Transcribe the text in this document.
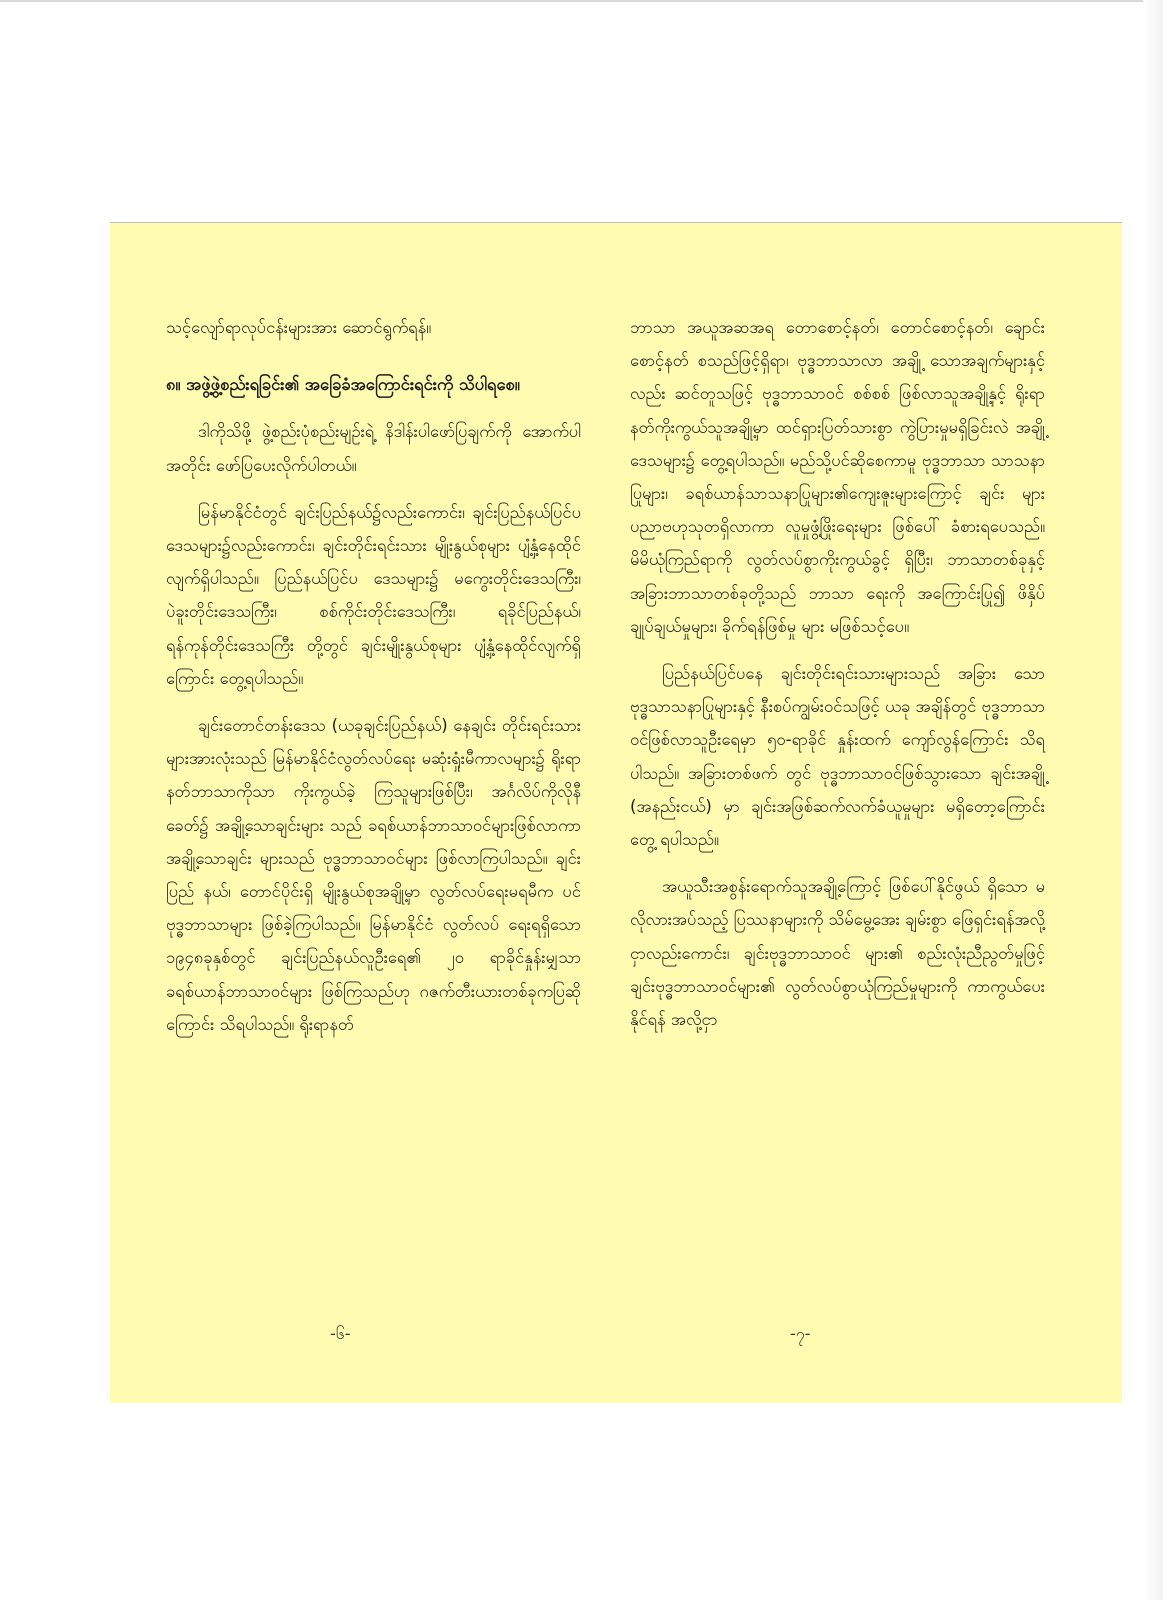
သင့်လျော်ရာလုပ်ငန်းများအား ဆောင်ရွက်ရန်။

၈။ အဖွဲ့ဖွဲ့စည်းရခြင်း၏ အခြေခံအကြောင်းရင်းကို သိပါရစေ။

ဒါကိုသိဖို့ ဖွဲ့စည်းပုံစည်းမျဉ်းရဲ့ နိဒါန်းပါဖော်ပြချက်ကို အောက်ပါအတိုင်း ဖော်ပြပေးလိုက်ပါတယ်။

မြန်မာနိုင်ငံတွင် ချင်းပြည်နယ်၌လည်းကောင်း၊ ချင်းပြည်နယ်ပြင်ပဒေသများ၌လည်းကောင်း၊ ချင်းတိုင်းရင်းသား မျိုးနွယ်စုများ ပျံ့နှံ့နေထိုင်လျက်ရှိပါသည်။ ပြည်နယ်ပြင်ပ ဒေသများ၌ မကွေးတိုင်းဒေသကြီး၊ ပဲခူးတိုင်းဒေသကြီး၊ စစ်ကိုင်းတိုင်းဒေသကြီး၊ ရခိုင်ပြည်နယ်၊ ရန်ကုန်တိုင်းဒေသကြီး တို့တွင် ချင်းမျိုးနွယ်စုများ ပျံ့နှံ့နေထိုင်လျက်ရှိကြောင်း တွေ့ရပါသည်။

ချင်းတောင်တန်းဒေသ (ယခုချင်းပြည်နယ်) နေချင်း တိုင်းရင်းသားများအားလုံးသည် မြန်မာနိုင်ငံလွတ်လပ်ရေး မဆုံးရှုံးမီကာလများ၌ ရိုးရာနတ်ဘာသာကိုသာ ကိုးကွယ်ခဲ့ ကြသူများဖြစ်ပြီး၊ အင်္ဂလိပ်ကိုလိုနီခေတ်၌ အချို့သောချင်းများ သည် ခရစ်ယာန်ဘာသာဝင်များဖြစ်လာကာ အချို့သောချင်း များသည် ဗုဒ္ဓဘာသာဝင်များ ဖြစ်လာကြပါသည်။ ချင်းပြည် နယ်၊ တောင်ပိုင်းရှိ မျိုးနွယ်စုအချို့မှာ လွတ်လပ်ရေးမရမီက ပင် ဗုဒ္ဓဘာသာများ ဖြစ်ခဲ့ကြပါသည်။ မြန်မာနိုင်ငံ လွတ်လပ် ရေးရရှိသော ၁၉၄၈ခုနှစ်တွင် ချင်းပြည်နယ်လူဦးရေ၏ ၂၀ ရာခိုင်နှုန်းမျှသာ ခရစ်ယာန်ဘာသာဝင်များ ဖြစ်ကြသည်ဟု ဂဇက်တီးယားတစ်ခုကပြဆိုကြောင်း သိရပါသည်။ ရိုးရာနတ်

ဘာသာ အယူအဆအရ တောစောင့်နတ်၊ တောင်စောင့်နတ်၊ ချောင်းစောင့်နတ် စသည်ဖြင့်ရှိရာ၊ ဗုဒ္ဓဘာသာလာ အချို့ သောအချက်များနှင့်လည်း ဆင်တူသဖြင့် ဗုဒ္ဓဘာသာဝင် စစ်စစ် ဖြစ်လာသူအချို့နှင့် ရိုးရာနတ်ကိုးကွယ်သူအချို့မှာ ထင်ရှားပြတ်သားစွာ ကွဲပြားမှုမရှိခြင်းလဲ အချို့ဒေသများ၌ တွေ့ရပါသည်။ မည်သို့ပင်ဆိုစေကာမူ ဗုဒ္ဓဘာသာ သာသနာ ပြုများ၊ ခရစ်ယာန်သာသနာပြုများ၏ကျေးဇူးများကြောင့် ချင်း များ ပညာဗဟုသုတရှိလာကာ လူမှုဖွံ့ဖြိုးရေးများ ဖြစ်ပေါ် ခံစားရပေသည်။ မိမိယုံကြည်ရာကို လွတ်လပ်စွာကိုးကွယ်ခွင့် ရှိပြီး၊ ဘာသာတစ်ခုနှင့် အခြားဘာသာတစ်ခုတို့သည် ဘာသာ ရေးကို အကြောင်းပြု၍ ဖိနှိပ်ချုပ်ချယ်မှုများ၊ ခိုက်ရန်ဖြစ်မှု များ မဖြစ်သင့်ပေ။

ပြည်နယ်ပြင်ပနေ ချင်းတိုင်းရင်းသားများသည် အခြား သော ဗုဒ္ဓသာသနာပြုများနှင့် နီးစပ်ကျွမ်းဝင်သဖြင့် ယခု အချိန်တွင် ဗုဒ္ဓဘာသာဝင်ဖြစ်လာသူဦးရေမှာ ၅၀-ရာခိုင် နှုန်းထက် ကျော်လွန်ကြောင်း သိရပါသည်။ အခြားတစ်ဖက် တွင် ဗုဒ္ဓဘာသာဝင်ဖြစ်သွားသော ချင်းအချို့ (အနည်းငယ်) မှာ ချင်းအဖြစ်ဆက်လက်ခံယူမှုများ မရှိတော့ကြောင်း တွေ့ ရပါသည်။

အယူသီးအစွန်းရောက်သူအချို့ကြောင့် ဖြစ်ပေါ်နိုင်ဖွယ် ရှိသော မလိုလားအပ်သည့် ပြဿနာများကို သိမ်မွေ့အေး ချမ်းစွာ ဖြေရှင်းရန်အလို့ငှာလည်းကောင်း၊ ချင်းဗုဒ္ဓဘာသာဝင် များ၏ စည်းလုံးညီညွတ်မှုဖြင့် ချင်းဗုဒ္ဓဘာသာဝင်များ၏ လွတ်လပ်စွာယုံကြည်မှုများကို ကာကွယ်ပေးနိုင်ရန် အလို့ငှာ

-၆-	-၇-
